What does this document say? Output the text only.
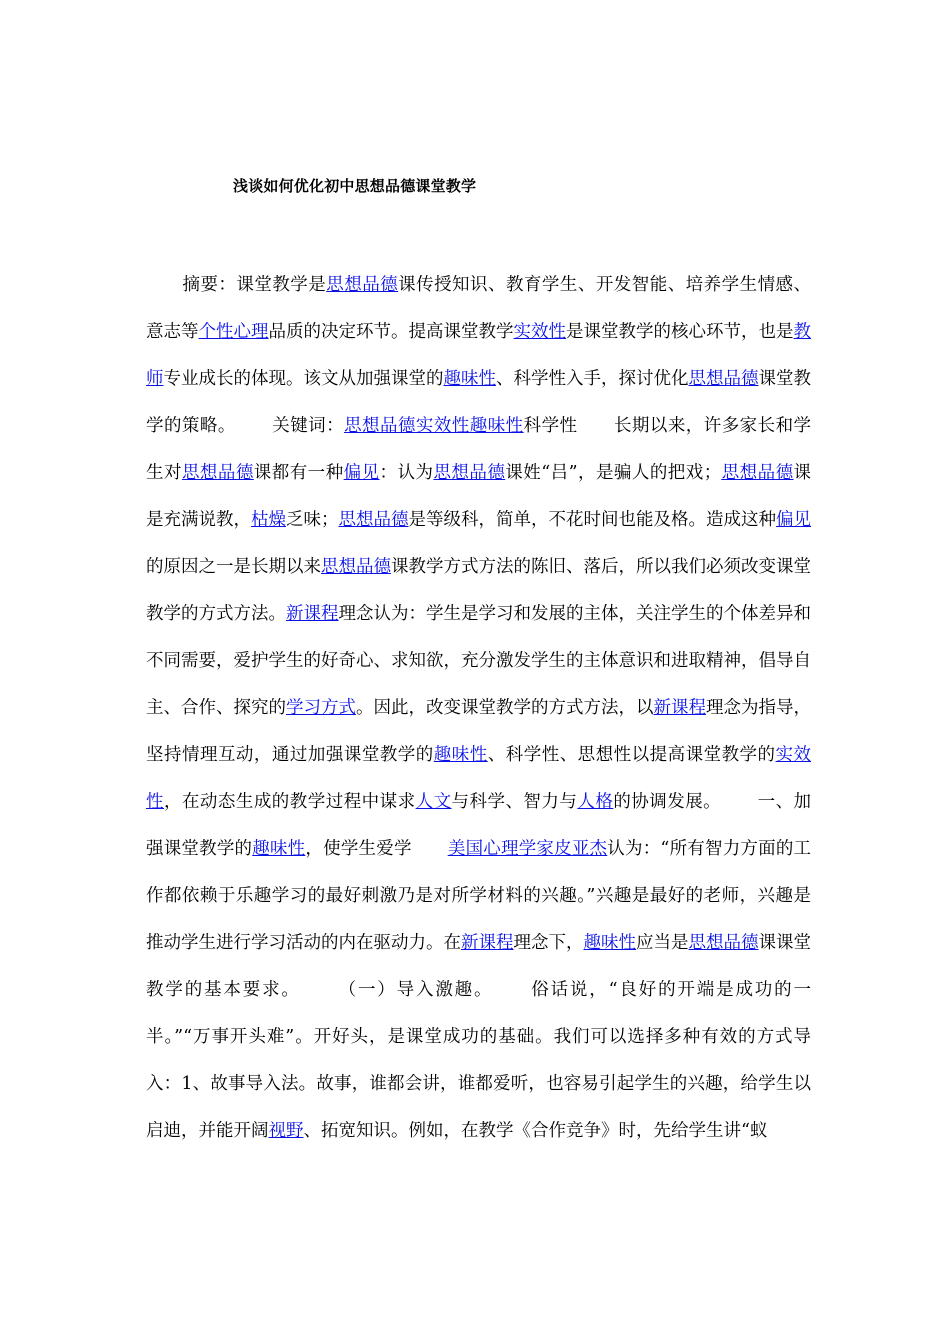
浅谈如何优化初中思想品德课堂教学

摘要：课堂教学是思想品德课传授知识、教育学生、开发智能、培养学生情感、意志等个性心理品质的决定环节。提高课堂教学实效性是课堂教学的核心环节，也是教师专业成长的体现。该文从加强课堂的趣味性、科学性入手，探讨优化思想品德课堂教学的策略。 关键词：思想品德实效性趣味性科学性 长期以来，许多家长和学生对思想品德课都有一种偏见：认为思想品德课姓“吕”，是骗人的把戏；思想品德课是充满说教，枯燥乏味；思想品德是等级科，简单，不花时间也能及格。造成这种偏见的原因之一是长期以来思想品德课教学方式方法的陈旧、落后，所以我们必须改变课堂教学的方式方法。新课程理念认为：学生是学习和发展的主体，关注学生的个体差异和不同需要，爱护学生的好奇心、求知欲，充分激发学生的主体意识和进取精神，倡导自主、合作、探究的学习方式。因此，改变课堂教学的方式方法，以新课程理念为指导，坚持情理互动，通过加强课堂教学的趣味性、科学性、思想性以提高课堂教学的实效性，在动态生成的教学过程中谋求人文与科学、智力与人格的协调发展。 一、加强课堂教学的趣味性，使学生爱学 美国心理学家皮亚杰认为：“所有智力方面的工作都依赖于乐趣学习的最好刺激乃是对所学材料的兴趣。”兴趣是最好的老师，兴趣是推动学生进行学习活动的内在驱动力。在新课程理念下，趣味性应当是思想品德课课堂教学的基本要求。 （一）导入激趣。 俗话说，“良好的开端是成功的一半。”“万事开头难”。开好头，是课堂成功的基础。我们可以选择多种有效的方式导入：1、故事导入法。故事，谁都会讲，谁都爱听，也容易引起学生的兴趣，给学生以启迪，并能开阔视野、拓宽知识。例如，在教学《合作竞争》时，先给学生讲“蚁
